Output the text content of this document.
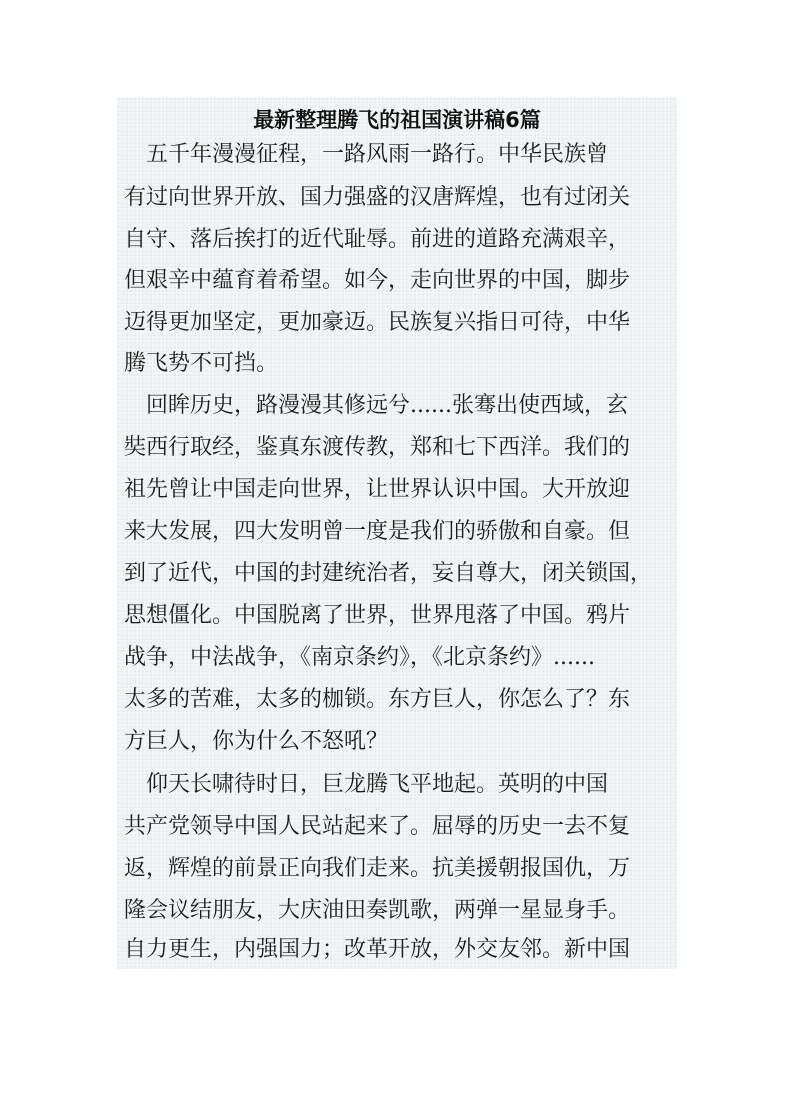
最新整理腾飞的祖国演讲稿6篇

　五千年漫漫征程，一路风雨一路行。中华民族曾

有过向世界开放、国力强盛的汉唐辉煌，也有过闭关

自守、落后挨打的近代耻辱。前进的道路充满艰辛，

但艰辛中蕴育着希望。如今，走向世界的中国，脚步

迈得更加坚定，更加豪迈。民族复兴指日可待，中华

腾飞势不可挡。

　回眸历史，路漫漫其修远兮......张骞出使西域，玄

奘西行取经，鉴真东渡传教，郑和七下西洋。我们的

祖先曾让中国走向世界，让世界认识中国。大开放迎

来大发展，四大发明曾一度是我们的骄傲和自豪。但

到了近代，中国的封建统治者，妄自尊大，闭关锁国，

思想僵化。中国脱离了世界，世界甩落了中国。鸦片

战争，中法战争，《南京条约》，《北京条约》......

太多的苦难，太多的枷锁。东方巨人，你怎么了？东

方巨人，你为什么不怒吼？

　仰天长啸待时日，巨龙腾飞平地起。英明的中国

共产党领导中国人民站起来了。屈辱的历史一去不复

返，辉煌的前景正向我们走来。抗美援朝报国仇，万

隆会议结朋友，大庆油田奏凯歌，两弹一星显身手。

自力更生，内强国力；改革开放，外交友邻。新中国
